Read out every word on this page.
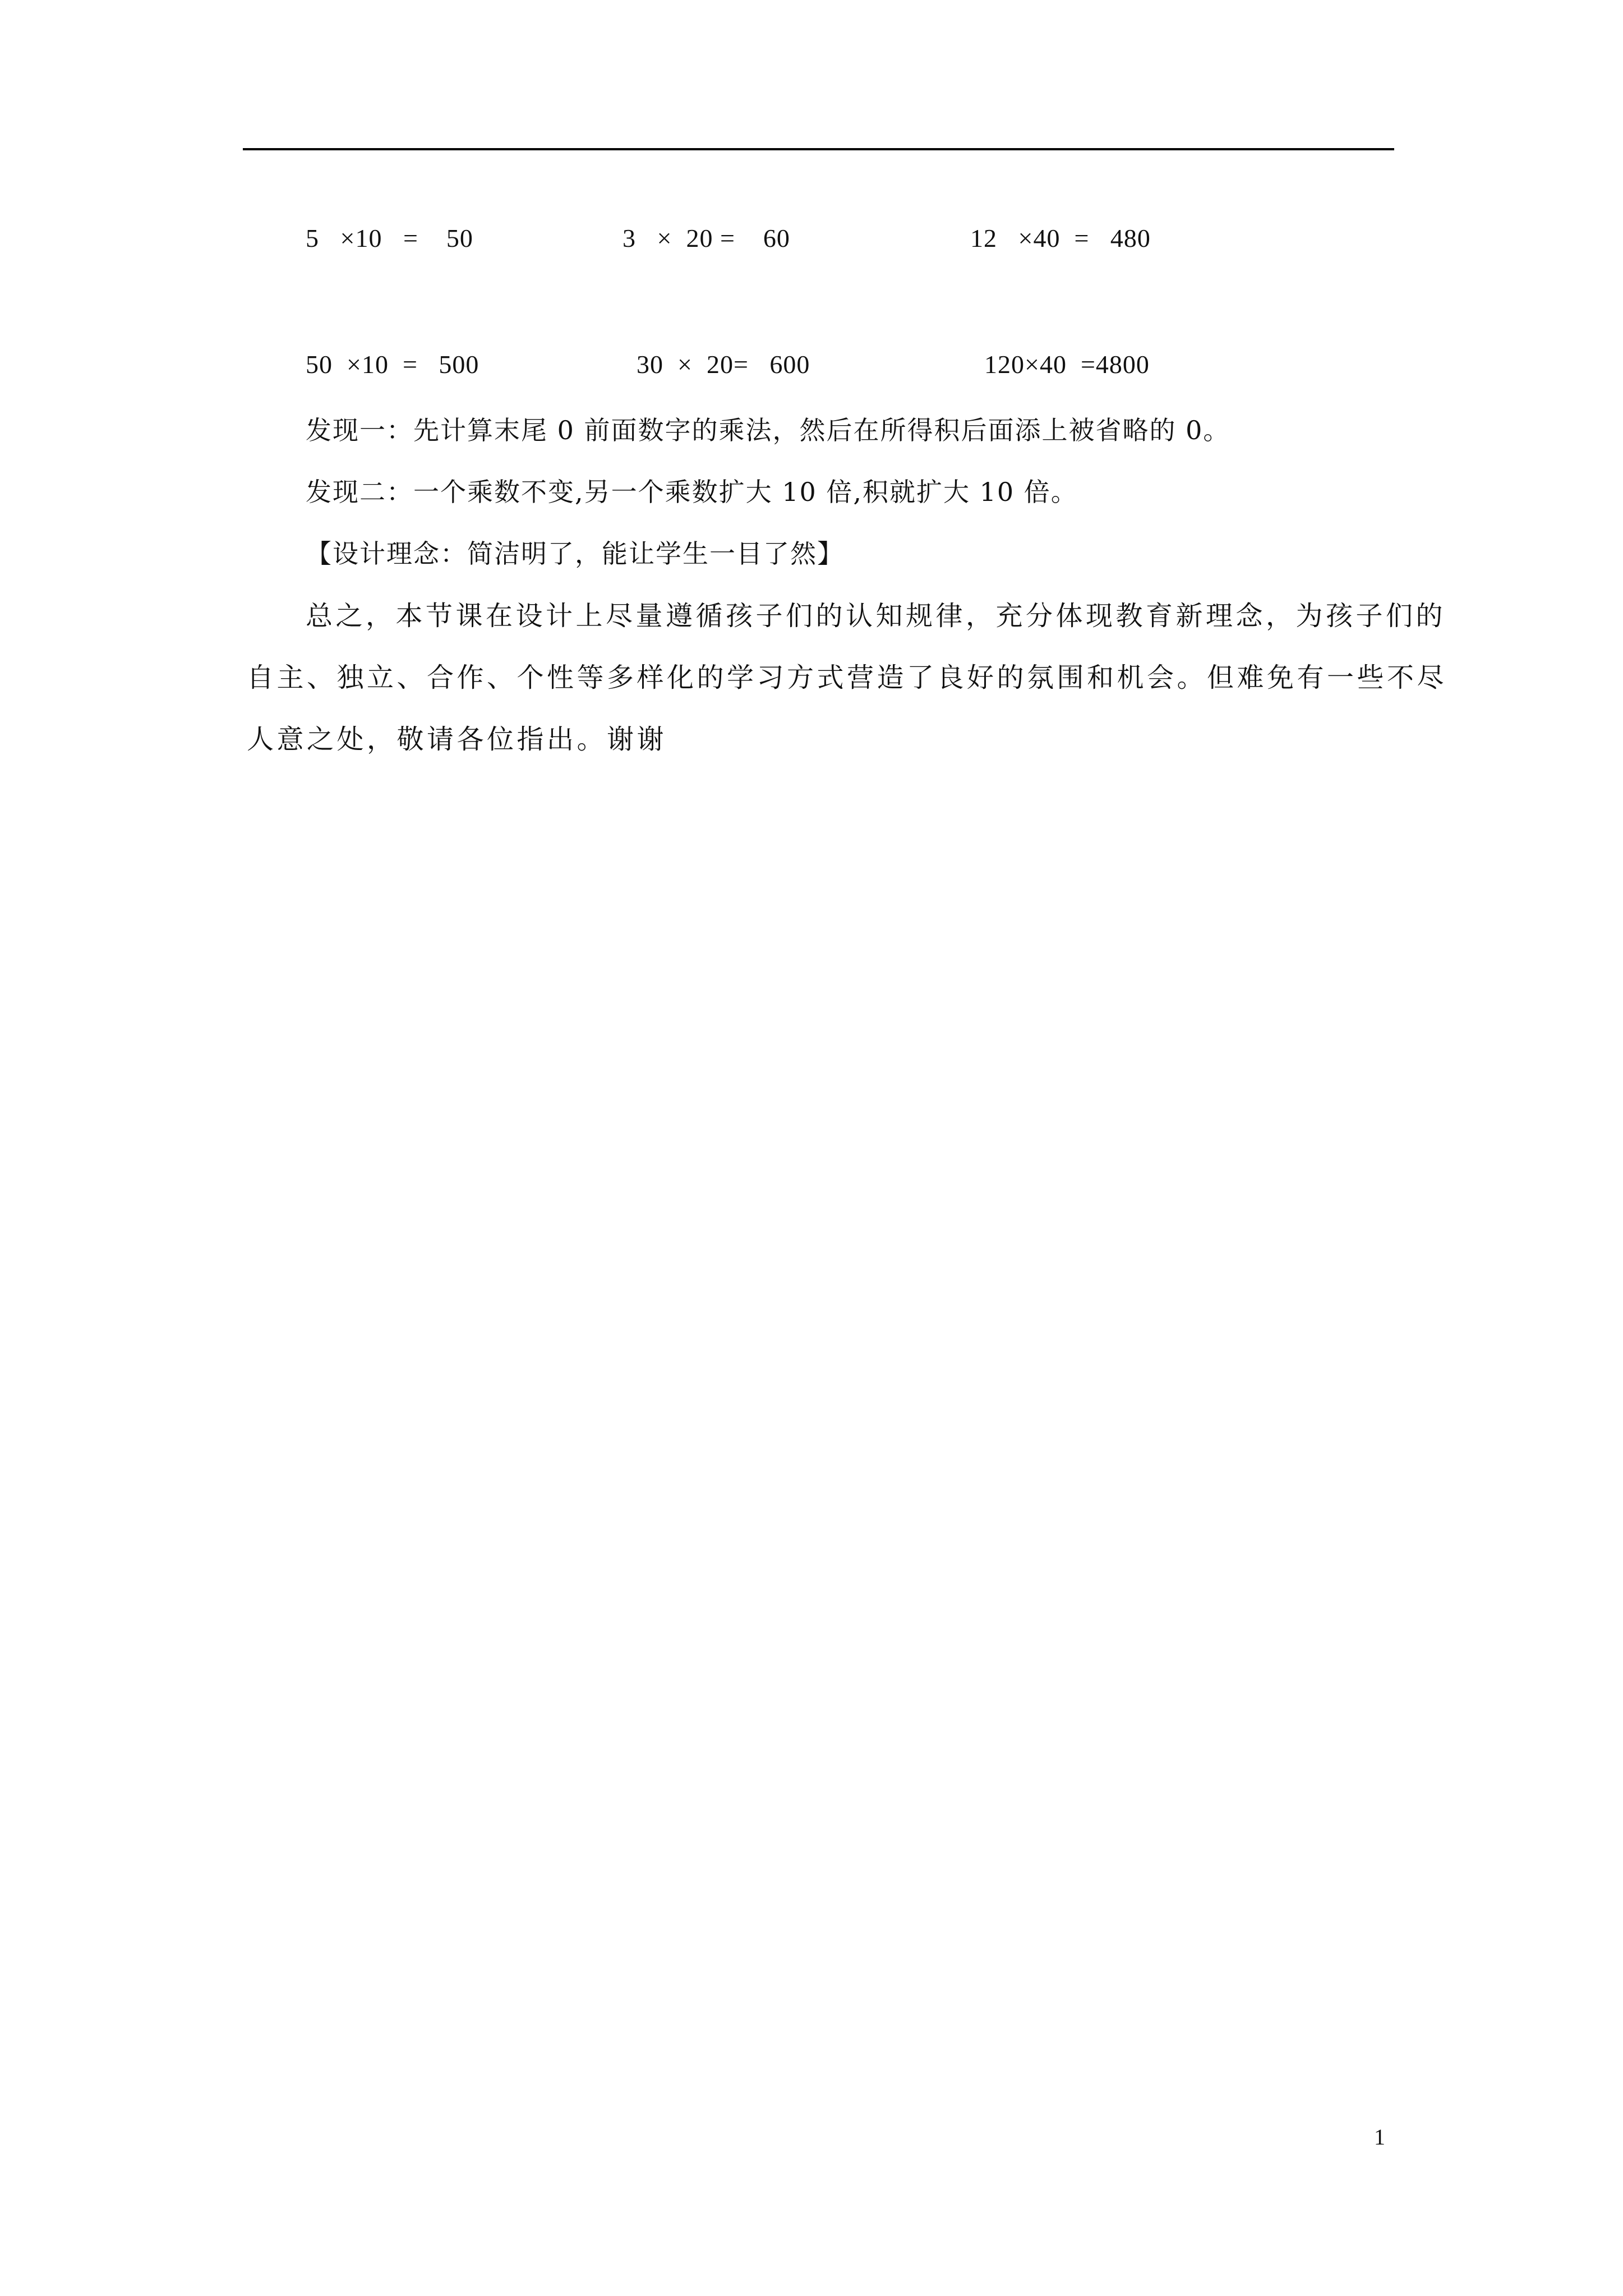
5   ×10   =    50	3   ×  20 =    60	12   ×40  =   480
50  ×10  =   500	30  ×  20=   600	120×40  =4800
发现一：先计算末尾 0 前面数字的乘法，然后在所得积后面添上被省略的 0。
发现二：一个乘数不变,另一个乘数扩大 10 倍,积就扩大 10 倍。
【设计理念：简洁明了，能让学生一目了然】
总之，本节课在设计上尽量遵循孩子们的认知规律，充分体现教育新理念，为孩子们的
自主、独立、合作、个性等多样化的学习方式营造了良好的氛围和机会。但难免有一些不尽
人意之处，敬请各位指出。谢谢
1
